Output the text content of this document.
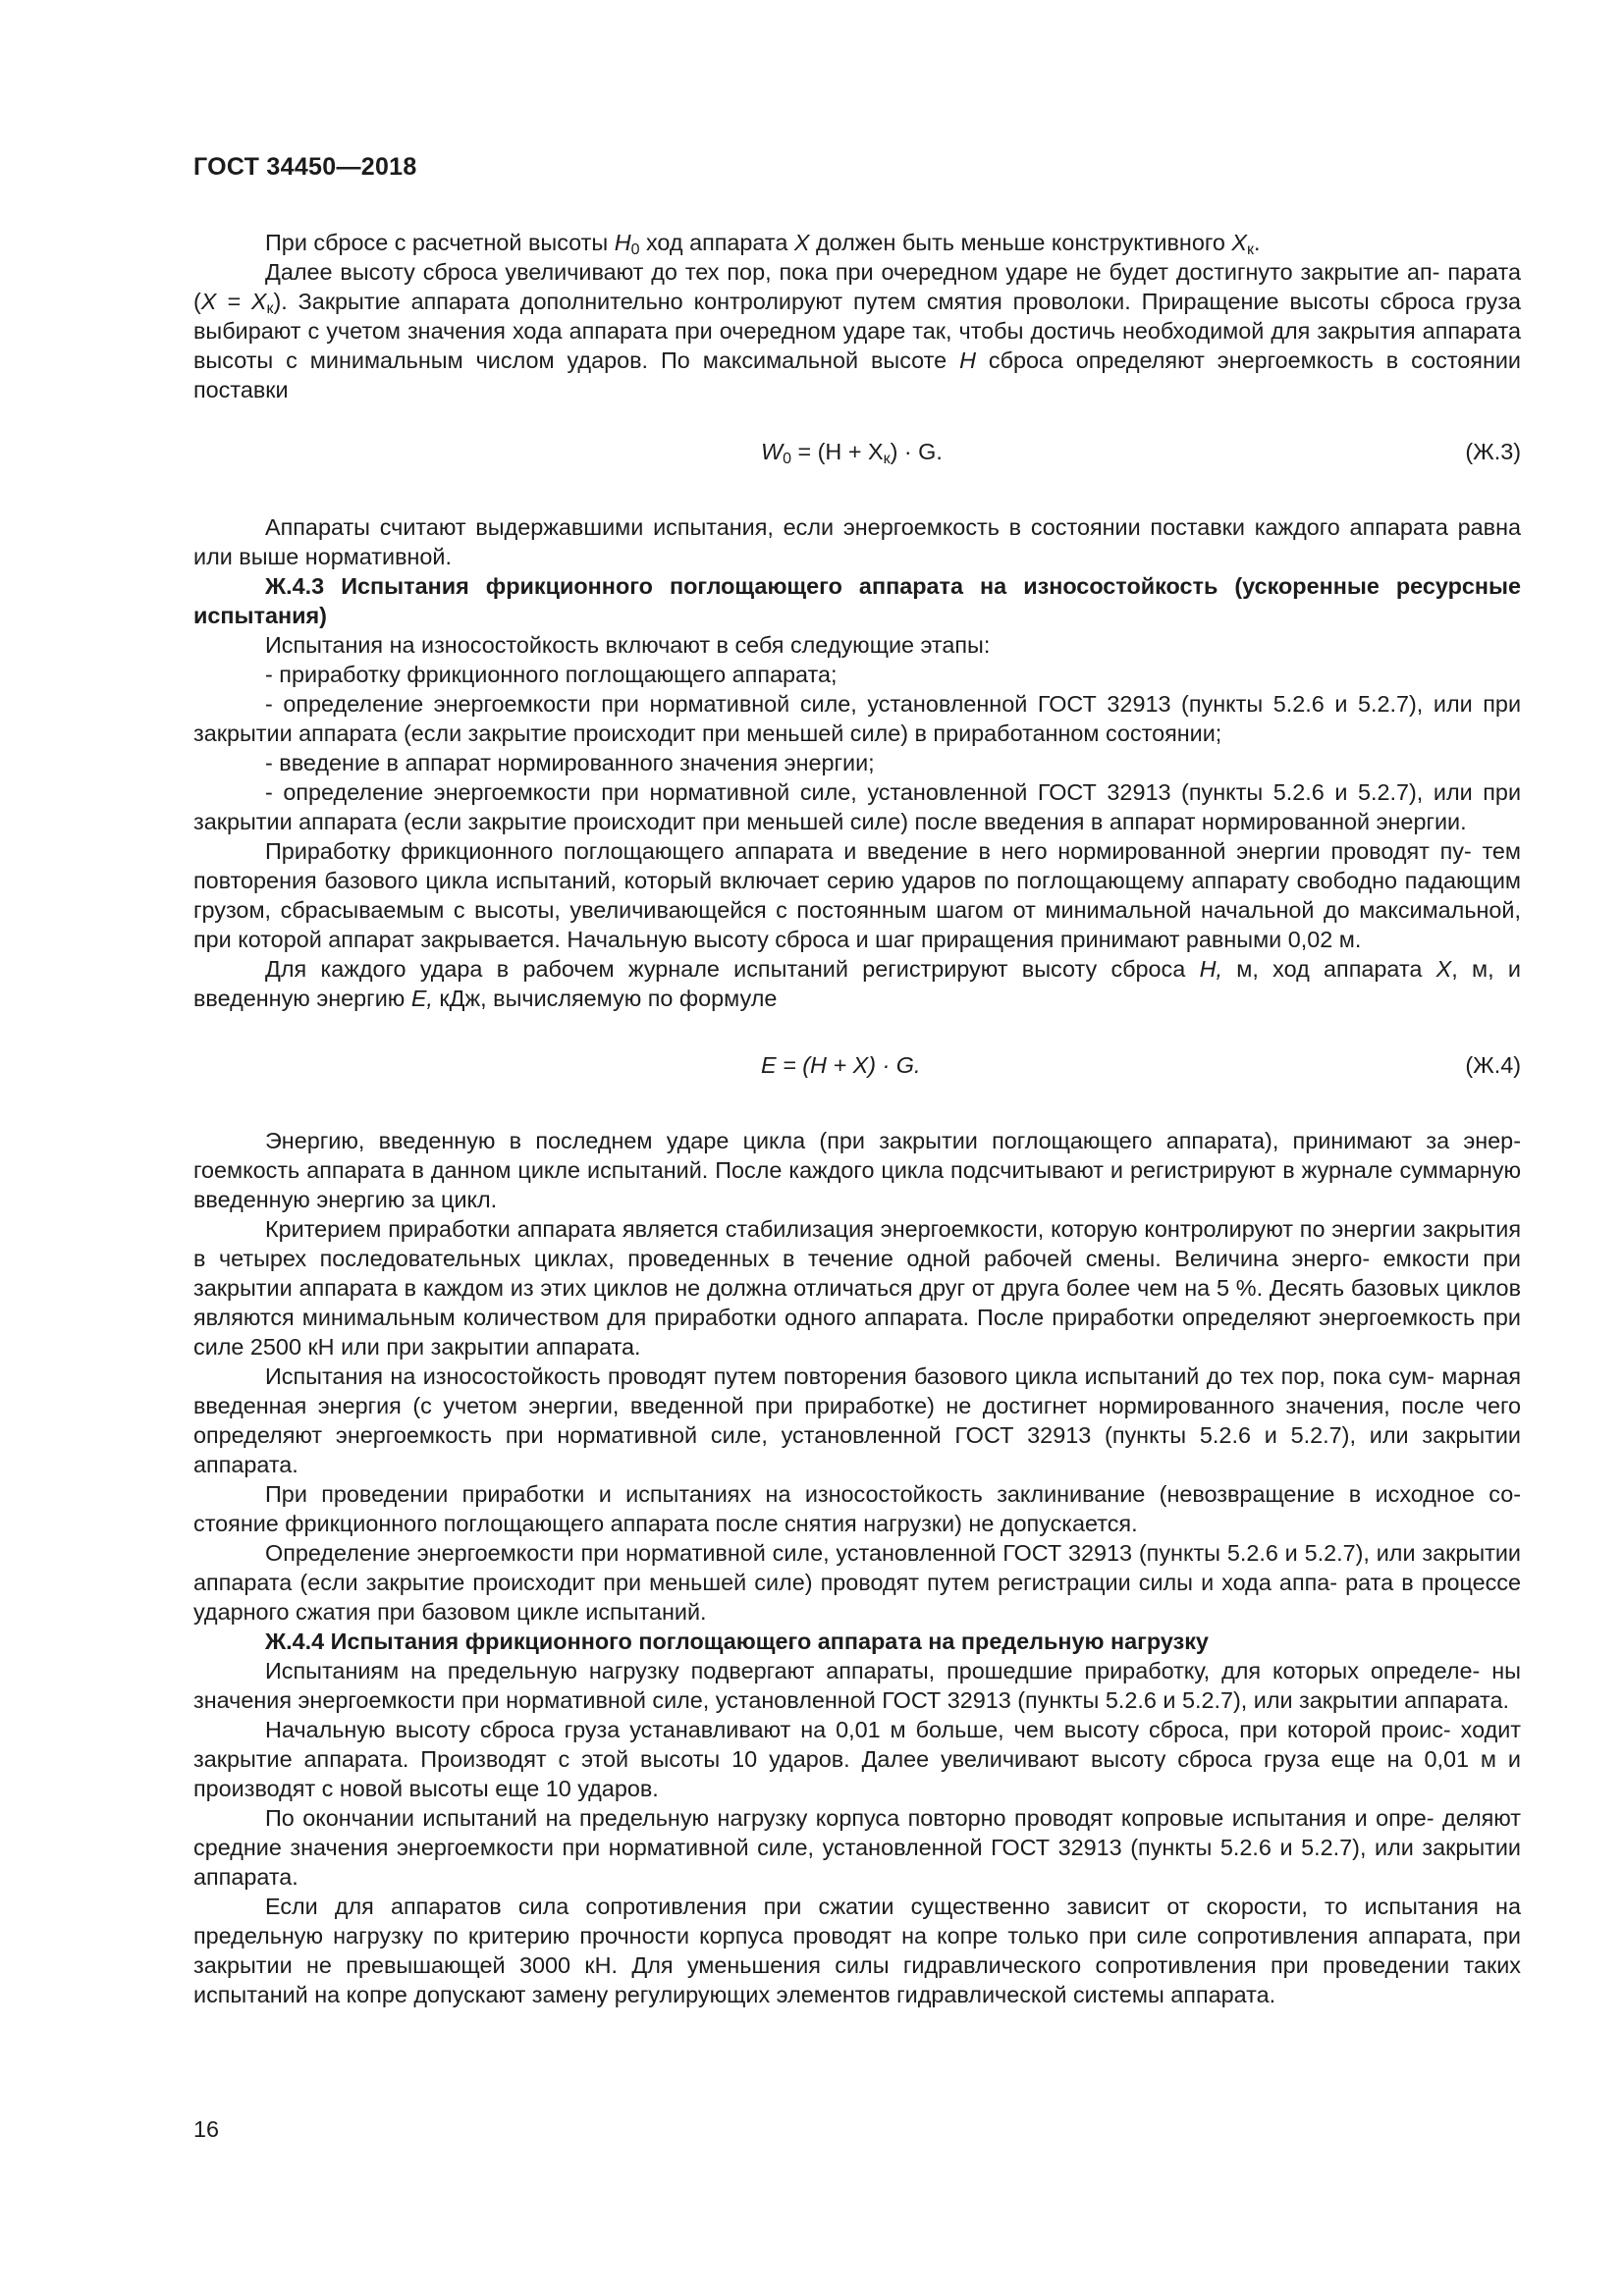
ГОСТ 34450—2018

При сбросе с расчетной высоты $H_0$ ход аппарата X должен быть меньше конструктивного $X_к$.

Далее высоту сброса увеличивают до тех пор, пока при очередном ударе не будет достигнуто закрытие ап- парата $(X = X_к)$. Закрытие аппарата дополнительно контролируют путем смятия проволоки. Приращение высоты сброса груза выбирают с учетом значения хода аппарата при очередном ударе так, чтобы достичь необходимой для закрытия аппарата высоты с минимальным числом ударов. По максимальной высоте H сброса определяют энергоемкость в состоянии поставки

$W_0 = (H + X_к) \cdot G$.	(Ж.3)

Аппараты считают выдержавшими испытания, если энергоемкость в состоянии поставки каждого аппарата равна или выше нормативной.

Ж.4.3 Испытания фрикционного поглощающего аппарата на износостойкость (ускоренные ресурсные испытания)

Испытания на износостойкость включают в себя следующие этапы:

- приработку фрикционного поглощающего аппарата;

- определение энергоемкости при нормативной силе, установленной ГОСТ 32913 (пункты 5.2.6 и 5.2.7), или при закрытии аппарата (если закрытие происходит при меньшей силе) в приработанном состоянии;

- введение в аппарат нормированного значения энергии;

- определение энергоемкости при нормативной силе, установленной ГОСТ 32913 (пункты 5.2.6 и 5.2.7), или при закрытии аппарата (если закрытие происходит при меньшей силе) после введения в аппарат нормированной энергии.

Приработку фрикционного поглощающего аппарата и введение в него нормированной энергии проводят пу- тем повторения базового цикла испытаний, который включает серию ударов по поглощающему аппарату свободно падающим грузом, сбрасываемым с высоты, увеличивающейся с постоянным шагом от минимальной начальной до максимальной, при которой аппарат закрывается. Начальную высоту сброса и шаг приращения принимают равными 0,02 м.

Для каждого удара в рабочем журнале испытаний регистрируют высоту сброса H, м, ход аппарата X, м, и введенную энергию E, кДж, вычисляемую по формуле

E = (H + X) · G.	(Ж.4)

Энергию, введенную в последнем ударе цикла (при закрытии поглощающего аппарата), принимают за энер- гоемкость аппарата в данном цикле испытаний. После каждого цикла подсчитывают и регистрируют в журнале суммарную введенную энергию за цикл.

Критерием приработки аппарата является стабилизация энергоемкости, которую контролируют по энергии закрытия в четырех последовательных циклах, проведенных в течение одной рабочей смены. Величина энерго- емкости при закрытии аппарата в каждом из этих циклов не должна отличаться друг от друга более чем на 5 %. Десять базовых циклов являются минимальным количеством для приработки одного аппарата. После приработки определяют энергоемкость при силе 2500 кН или при закрытии аппарата.

Испытания на износостойкость проводят путем повторения базового цикла испытаний до тех пор, пока сум- марная введенная энергия (с учетом энергии, введенной при приработке) не достигнет нормированного значения, после чего определяют энергоемкость при нормативной силе, установленной ГОСТ 32913 (пункты 5.2.6 и 5.2.7), или закрытии аппарата.

При проведении приработки и испытаниях на износостойкость заклинивание (невозвращение в исходное со- стояние фрикционного поглощающего аппарата после снятия нагрузки) не допускается.

Определение энергоемкости при нормативной силе, установленной ГОСТ 32913 (пункты 5.2.6 и 5.2.7), или закрытии аппарата (если закрытие происходит при меньшей силе) проводят путем регистрации силы и хода аппа- рата в процессе ударного сжатия при базовом цикле испытаний.

Ж.4.4 Испытания фрикционного поглощающего аппарата на предельную нагрузку

Испытаниям на предельную нагрузку подвергают аппараты, прошедшие приработку, для которых определе- ны значения энергоемкости при нормативной силе, установленной ГОСТ 32913 (пункты 5.2.6 и 5.2.7), или закрытии аппарата.

Начальную высоту сброса груза устанавливают на 0,01 м больше, чем высоту сброса, при которой проис- ходит закрытие аппарата. Производят с этой высоты 10 ударов. Далее увеличивают высоту сброса груза еще на 0,01 м и производят с новой высоты еще 10 ударов.

По окончании испытаний на предельную нагрузку корпуса повторно проводят копровые испытания и опре- деляют средние значения энергоемкости при нормативной силе, установленной ГОСТ 32913 (пункты 5.2.6 и 5.2.7), или закрытии аппарата.

Если для аппаратов сила сопротивления при сжатии существенно зависит от скорости, то испытания на предельную нагрузку по критерию прочности корпуса проводят на копре только при силе сопротивления аппарата, при закрытии не превышающей 3000 кН. Для уменьшения силы гидравлического сопротивления при проведении таких испытаний на копре допускают замену регулирующих элементов гидравлической системы аппарата.

16
